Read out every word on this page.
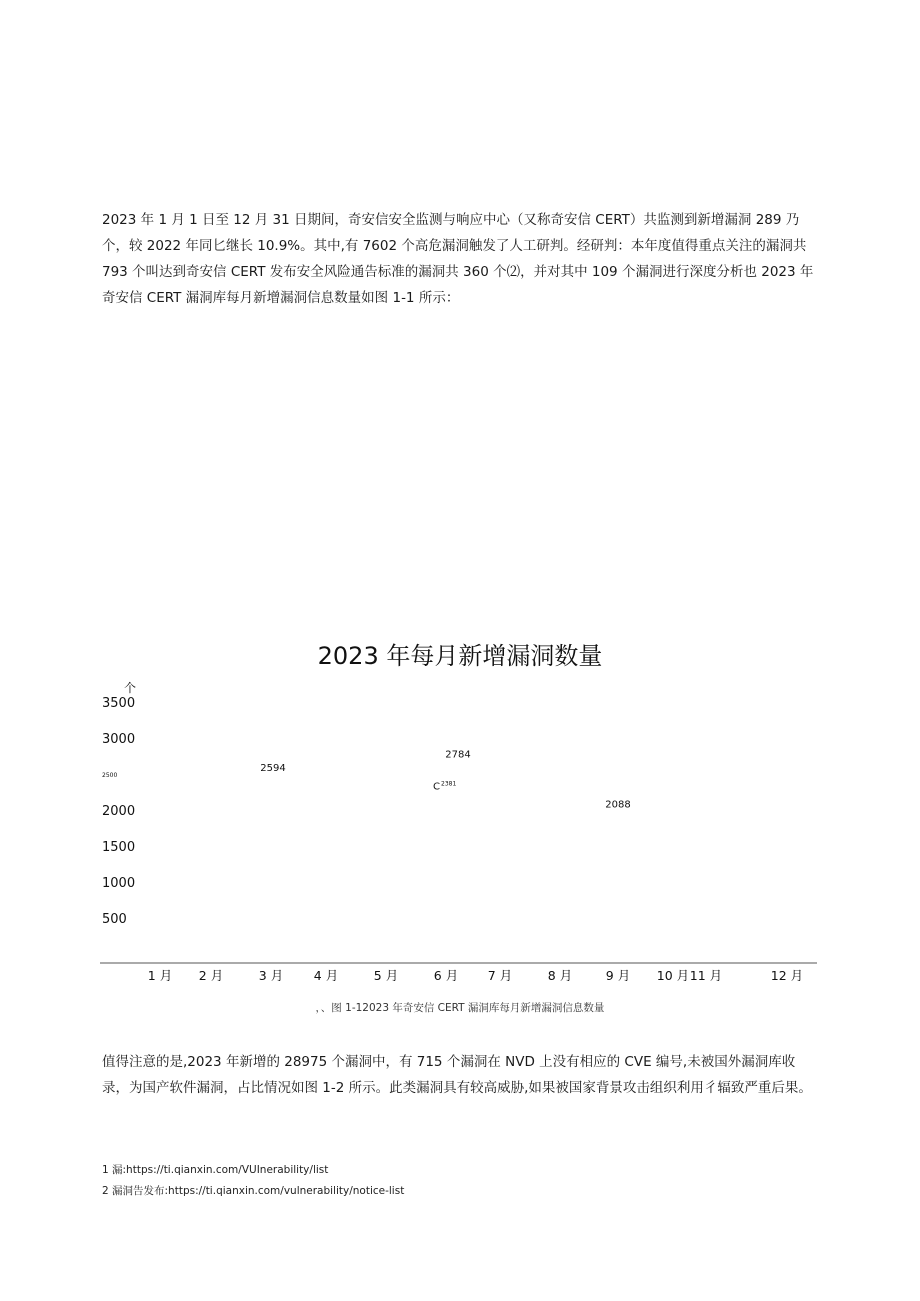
2023 年 1 月 1 日至 12 月 31 日期间，奇安信安全监测与响应中心（又称奇安信 CERT）共监测到新增漏洞 289 乃个，较 2022 年同匕继长 10.9%。其中,有 7602 个高危漏洞触发了人工研判。经研判：本年度值得重点关注的漏洞共 793 个叫达到奇安信 CERT 发布安全风险通告标准的漏洞共 360 个⑵，并对其中 109 个漏洞进行深度分析也 2023 年奇安信 CERT 漏洞库每月新增漏洞信息数量如图 1-1 所示：

2023 年每月新增漏洞数量
个
3500
3000
2500
2000
1500
1000
500
1 月 2 月	3 月 4 月	5 月	6 月 7 月	8 月	9 月 10 月 11 月	12 月
2594
2784
C 2381
2088
，、图 1-12023 年奇安信 CERT 漏洞库每月新增漏洞信息数量

值得注意的是,2023 年新增的 28975 个漏洞中，有 715 个漏洞在 NVD 上没有相应的 CVE 编号,未被国外漏洞库收录，为国产软件漏洞，占比情况如图 1-2 所示。此类漏洞具有较高威胁,如果被国家背景攻击组织利用彳辐致严重后果。

1 漏:https://ti.qianxin.com/VUInerability/list
2 漏洞告发布:https://ti.qianxin.com/vulnerability/notice-list
